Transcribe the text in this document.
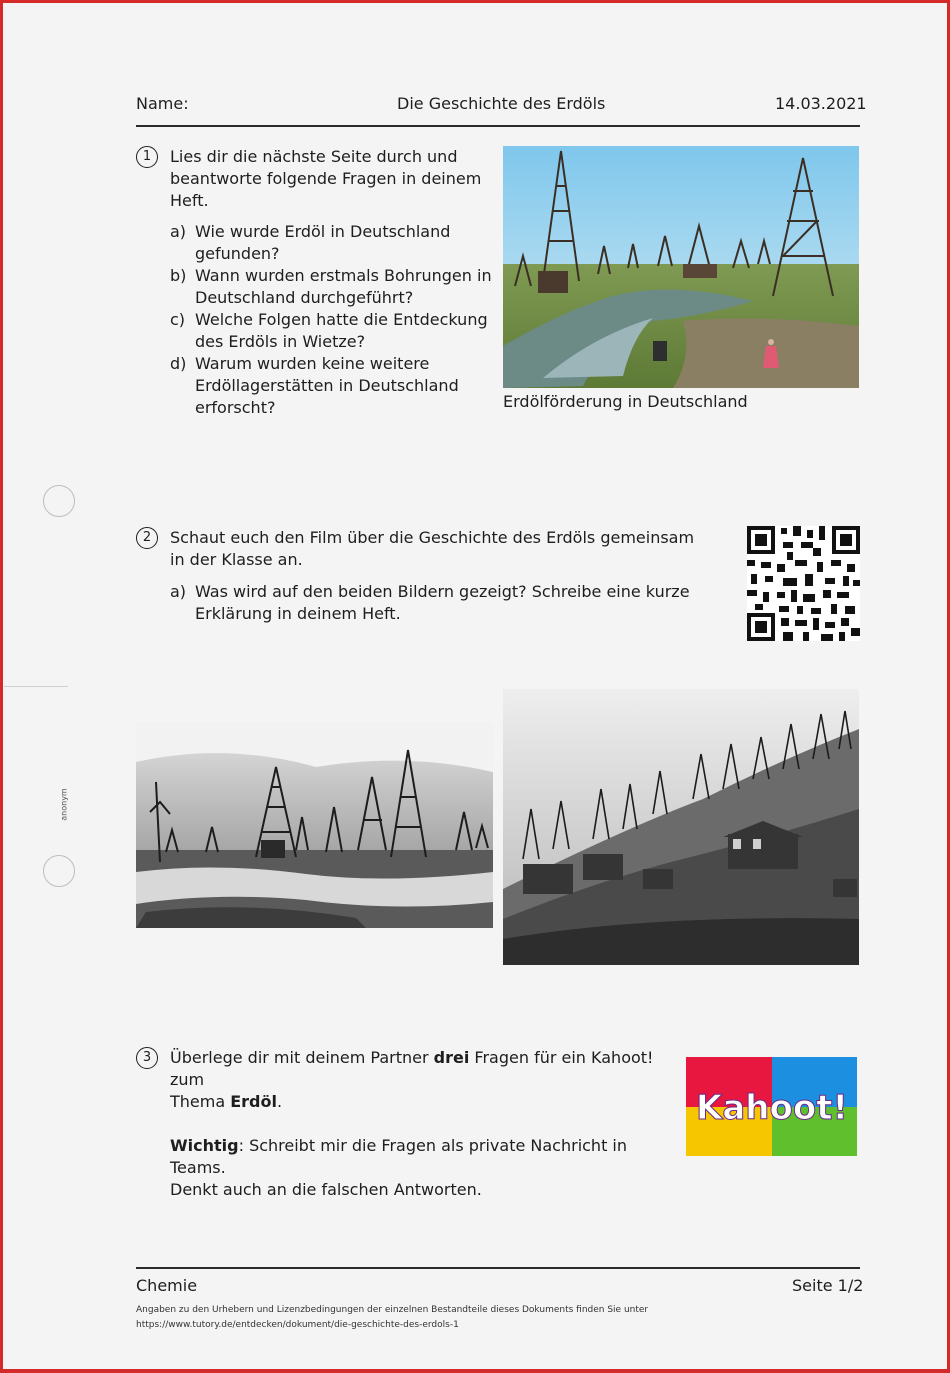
Name:	Die Geschichte des Erdöls	14.03.2021
anonym
1	Lies dir die nächste Seite durch und
beantworte folgende Fragen in deinem
Heft.
a) Wie wurde Erdöl in Deutschland
gefunden?
b) Wann wurden erstmals Bohrungen in
Deutschland durchgeführt?
c) Welche Folgen hatte die Entdeckung
des Erdöls in Wietze?
d) Warum wurden keine weitere
Erdöllagerstätten in Deutschland
erforscht?	Erdölförderung in Deutschland
2	Schaut euch den Film über die Geschichte des Erdöls gemeinsam
in der Klasse an.
a) Was wird auf den beiden Bildern gezeigt? Schreibe eine kurze
Erklärung in deinem Heft.
3	Überlege dir mit deinem Partner drei Fragen für ein Kahoot! zum
Thema Erdöl.
Wichtig: Schreibt mir die Fragen als private Nachricht in Teams.
Denkt auch an die falschen Antworten.
Kahoot!
Chemie	Seite 1/2
Angaben zu den Urhebern und Lizenzbedingungen der einzelnen Bestandteile dieses Dokuments finden Sie unter
https://www.tutory.de/entdecken/dokument/die-geschichte-des-erdols-1
